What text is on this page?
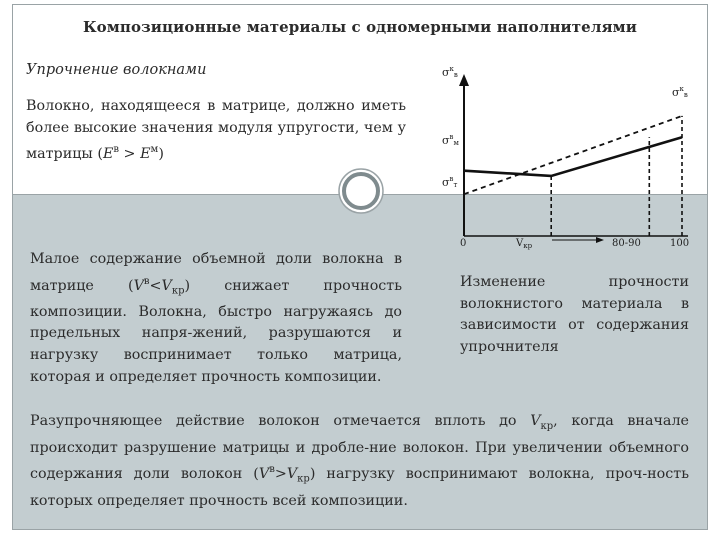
Композиционные материалы с одномерными наполнителями
Упрочнение волокнами
Волокно, находящееся в матрице, должно иметь более высокие значения модуля упругости, чем у матрицы $(E^в > E^м)$
$\sigma^к_в$
$\sigma^к_в$
$\sigma^в_м$
$\sigma^в_т$
0	$V_{кр}$	80-90	100
Малое содержание объемной доли волокна в матрице $(V^в<V_{кр})$ снижает прочность композиции. Волокна, быстро нагружаясь до предельных напря-жений, разрушаются и нагрузку воспринимает только матрица, которая и определяет прочность композиции.
Изменение прочности волокнистого материала в зависимости от содержания упрочнителя
Разупрочняющее действие волокон отмечается вплоть до $V_{кр}$, когда вначале происходит разрушение матрицы и дробле-ние волокон. При увеличении объемного содержания доли волокон $(V^в>V_{кр})$ нагрузку воспринимают волокна, проч-ность которых определяет прочность всей композиции.
